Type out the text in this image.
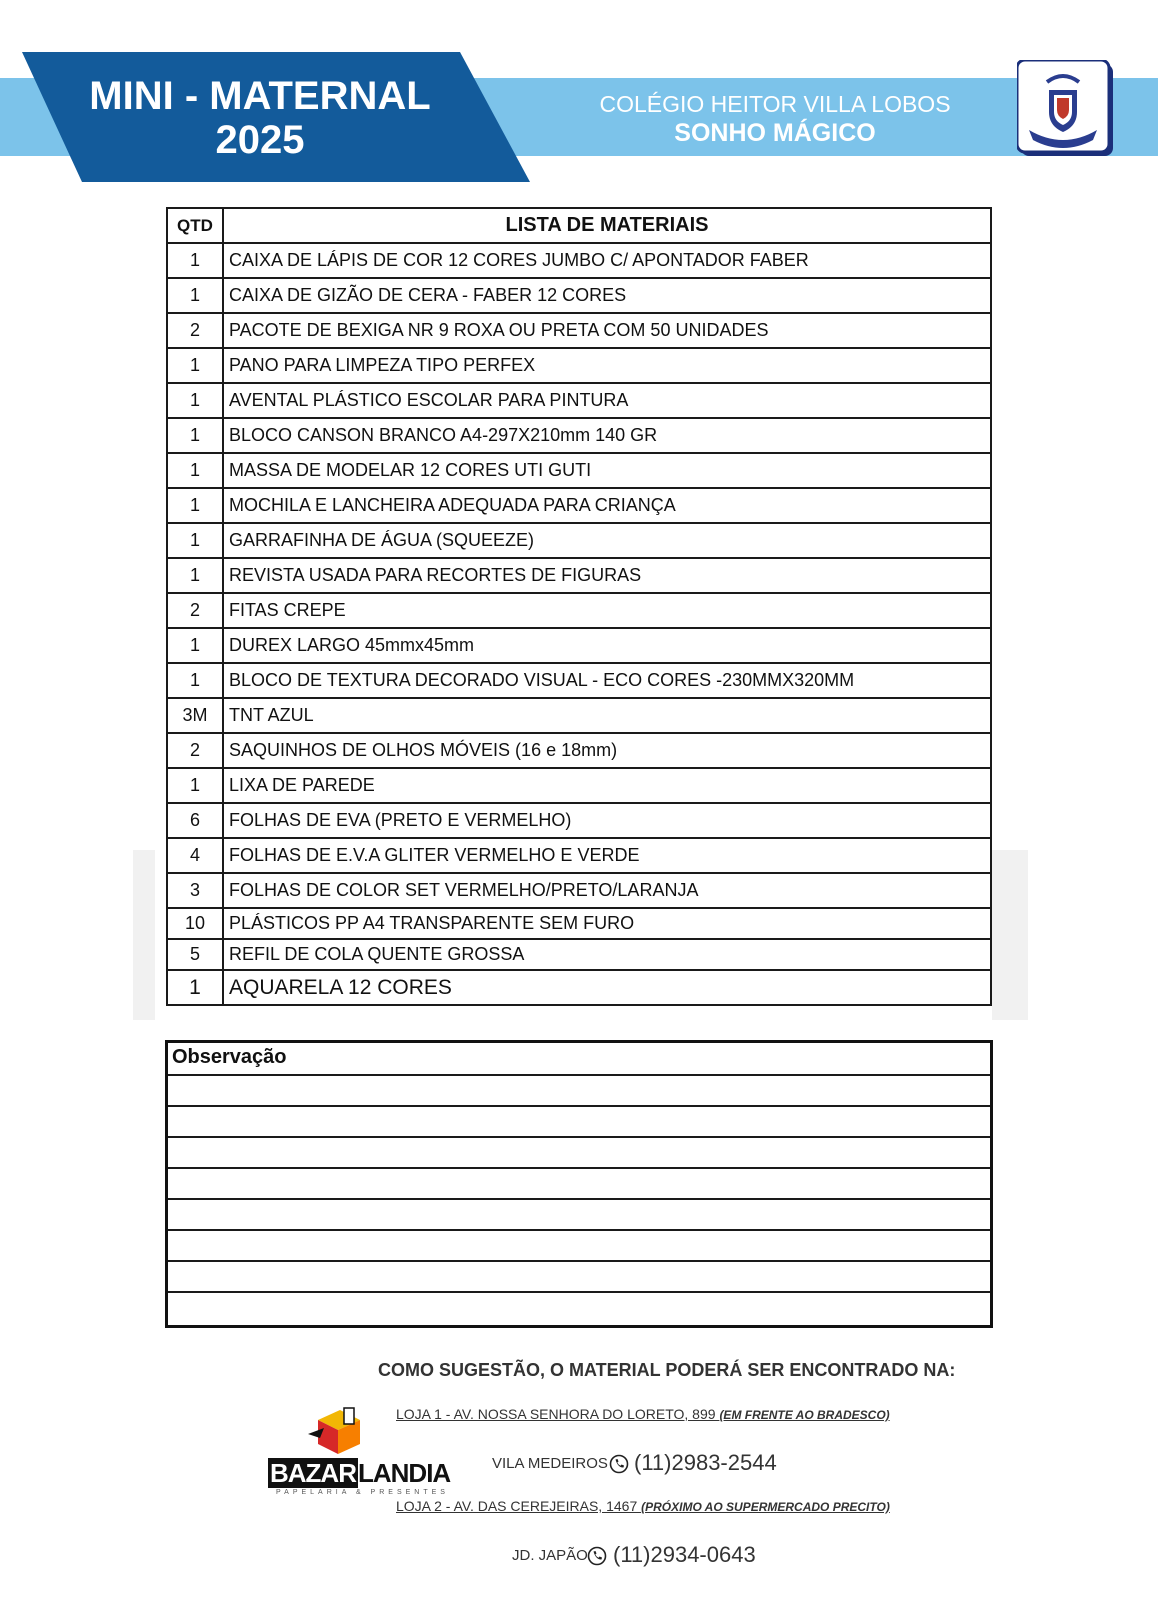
MINI - MATERNAL
2025
COLÉGIO HEITOR VILLA LOBOS
SONHO MÁGICO
QTD	LISTA DE MATERIAIS
1	CAIXA DE LÁPIS DE COR 12 CORES JUMBO C/ APONTADOR FABER
1	CAIXA DE GIZÃO DE CERA - FABER 12 CORES
2	PACOTE DE BEXIGA NR 9 ROXA OU PRETA COM 50 UNIDADES
1	PANO PARA LIMPEZA TIPO PERFEX
1	AVENTAL PLÁSTICO ESCOLAR PARA PINTURA
1	BLOCO CANSON BRANCO A4-297X210mm 140 GR
1	MASSA DE MODELAR 12 CORES UTI GUTI
1	MOCHILA E LANCHEIRA ADEQUADA PARA CRIANÇA
1	GARRAFINHA DE ÁGUA (SQUEEZE)
1	REVISTA USADA PARA RECORTES DE FIGURAS
2	FITAS CREPE
1	DUREX LARGO 45mmx45mm
1	BLOCO DE TEXTURA DECORADO VISUAL - ECO CORES -230MMX320MM
3M	TNT AZUL
2	SAQUINHOS DE OLHOS MÓVEIS (16 e 18mm)
1	LIXA DE PAREDE
6	FOLHAS DE EVA (PRETO E VERMELHO)
4	FOLHAS DE E.V.A GLITER VERMELHO E VERDE
3	FOLHAS DE COLOR SET VERMELHO/PRETO/LARANJA
10	PLÁSTICOS PP A4 TRANSPARENTE SEM FURO
5	REFIL DE COLA QUENTE GROSSA
1	AQUARELA 12 CORES
Observação
COMO SUGESTÃO, O MATERIAL PODERÁ SER ENCONTRADO NA:
BAZARLANDIA
PAPELARIA & PRESENTES
LOJA 1 - AV. NOSSA SENHORA DO LORETO, 899 (EM FRENTE AO BRADESCO)
VILA MEDEIROS (11)2983-2544
LOJA 2 - AV. DAS CEREJEIRAS, 1467 (PRÓXIMO AO SUPERMERCADO PRECITO)
JD. JAPÃO (11)2934-0643
